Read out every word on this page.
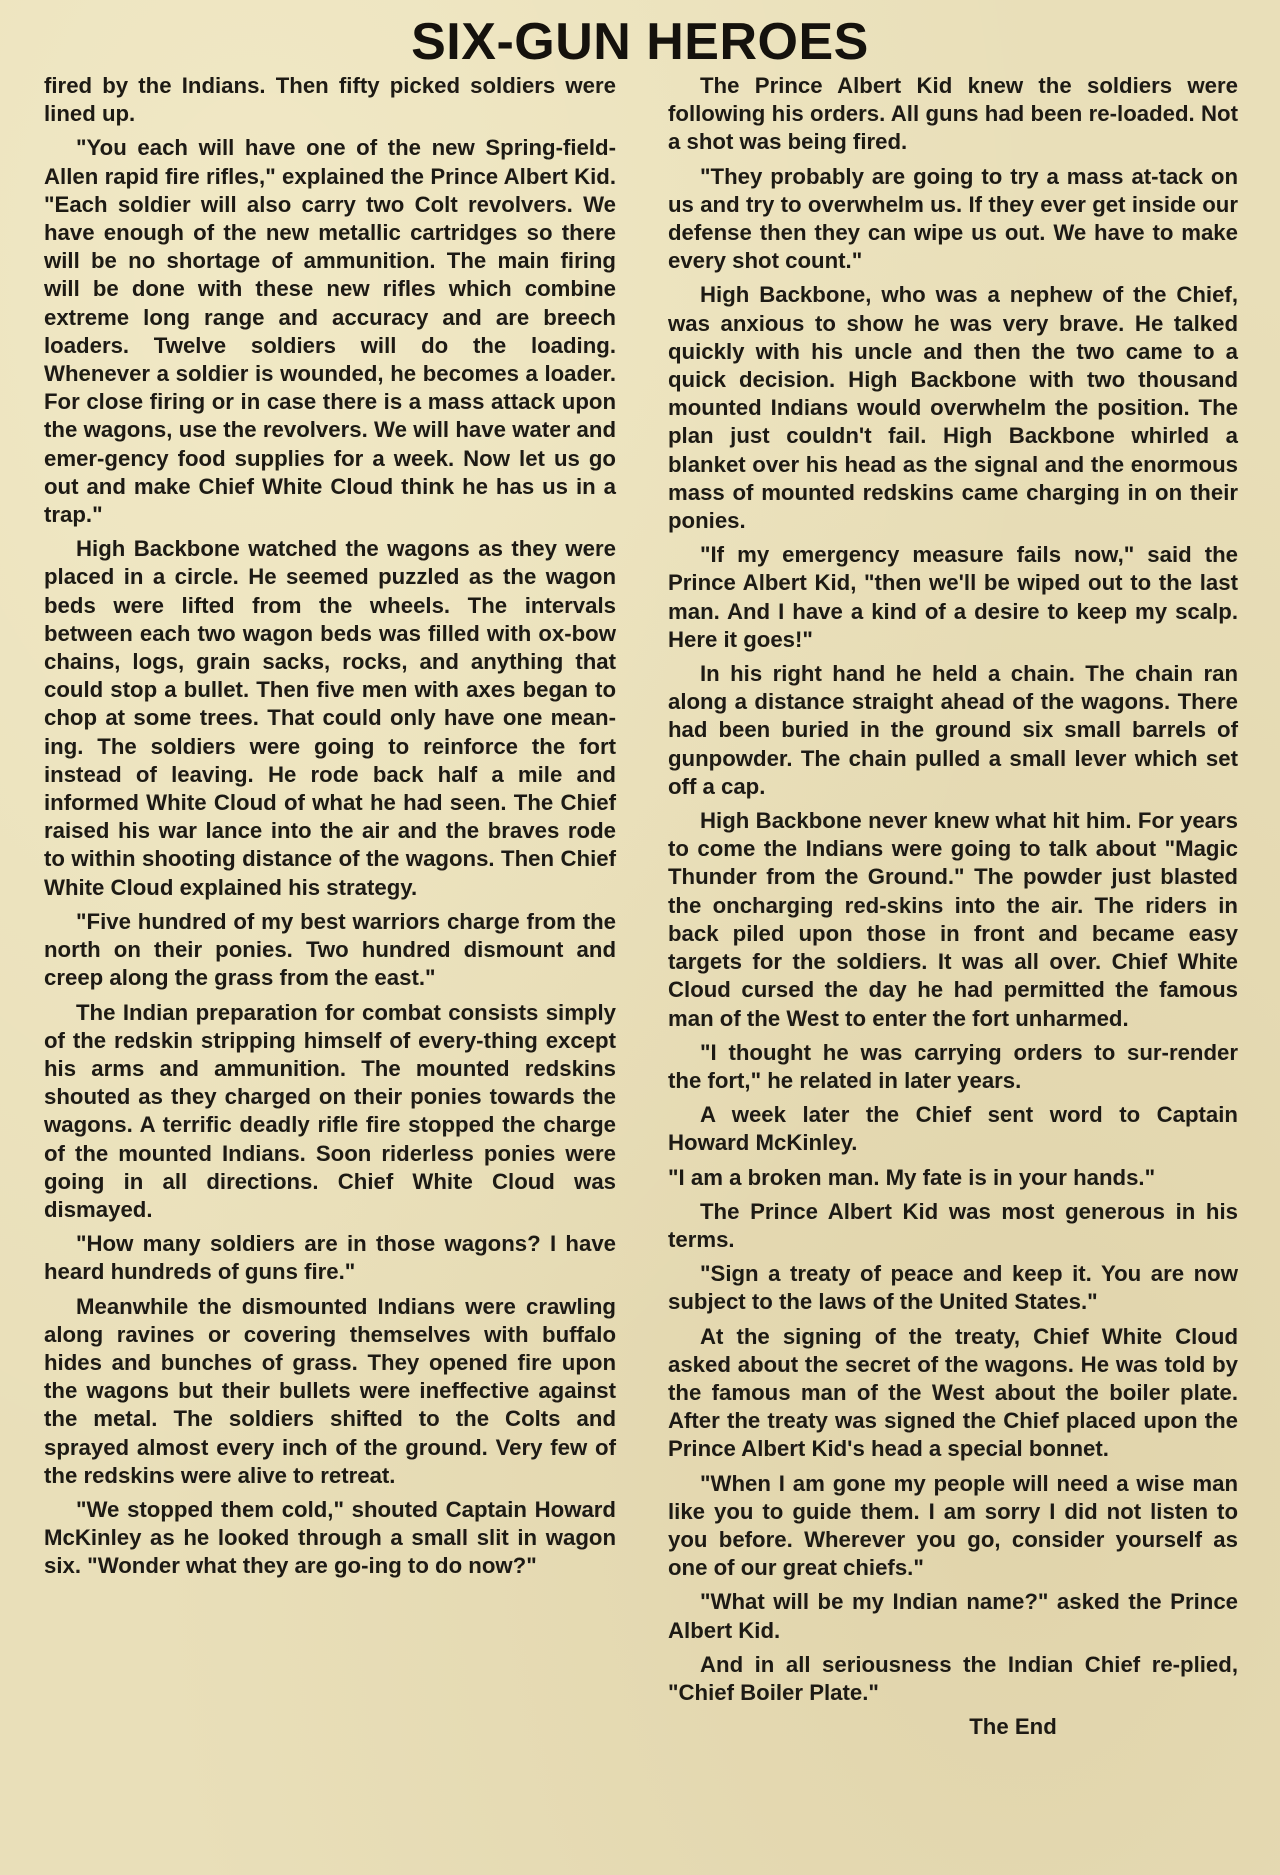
SIX-GUN HEROES

fired by the Indians. Then fifty picked soldiers were lined up.

"You each will have one of the new Spring-field-Allen rapid fire rifles," explained the Prince Albert Kid. "Each soldier will also carry two Colt revolvers. We have enough of the new metallic cartridges so there will be no shortage of ammunition. The main firing will be done with these new rifles which combine extreme long range and accuracy and are breech loaders. Twelve soldiers will do the loading. Whenever a soldier is wounded, he becomes a loader. For close firing or in case there is a mass attack upon the wagons, use the revolvers. We will have water and emer-gency food supplies for a week. Now let us go out and make Chief White Cloud think he has us in a trap."

High Backbone watched the wagons as they were placed in a circle. He seemed puzzled as the wagon beds were lifted from the wheels. The intervals between each two wagon beds was filled with ox-bow chains, logs, grain sacks, rocks, and anything that could stop a bullet. Then five men with axes began to chop at some trees. That could only have one mean-ing. The soldiers were going to reinforce the fort instead of leaving. He rode back half a mile and informed White Cloud of what he had seen. The Chief raised his war lance into the air and the braves rode to within shooting distance of the wagons. Then Chief White Cloud explained his strategy.

"Five hundred of my best warriors charge from the north on their ponies. Two hundred dismount and creep along the grass from the east."

The Indian preparation for combat consists simply of the redskin stripping himself of every-thing except his arms and ammunition. The mounted redskins shouted as they charged on their ponies towards the wagons. A terrific deadly rifle fire stopped the charge of the mounted Indians. Soon riderless ponies were going in all directions. Chief White Cloud was dismayed.

"How many soldiers are in those wagons? I have heard hundreds of guns fire."

Meanwhile the dismounted Indians were crawling along ravines or covering themselves with buffalo hides and bunches of grass. They opened fire upon the wagons but their bullets were ineffective against the metal. The soldiers shifted to the Colts and sprayed almost every inch of the ground. Very few of the redskins were alive to retreat.

"We stopped them cold," shouted Captain Howard McKinley as he looked through a small slit in wagon six. "Wonder what they are go-ing to do now?"

The Prince Albert Kid knew the soldiers were following his orders. All guns had been re-loaded. Not a shot was being fired.

"They probably are going to try a mass at-tack on us and try to overwhelm us. If they ever get inside our defense then they can wipe us out. We have to make every shot count."

High Backbone, who was a nephew of the Chief, was anxious to show he was very brave. He talked quickly with his uncle and then the two came to a quick decision. High Backbone with two thousand mounted Indians would overwhelm the position. The plan just couldn't fail. High Backbone whirled a blanket over his head as the signal and the enormous mass of mounted redskins came charging in on their ponies.

"If my emergency measure fails now," said the Prince Albert Kid, "then we'll be wiped out to the last man. And I have a kind of a desire to keep my scalp. Here it goes!"

In his right hand he held a chain. The chain ran along a distance straight ahead of the wagons. There had been buried in the ground six small barrels of gunpowder. The chain pulled a small lever which set off a cap.

High Backbone never knew what hit him. For years to come the Indians were going to talk about "Magic Thunder from the Ground." The powder just blasted the oncharging red-skins into the air. The riders in back piled upon those in front and became easy targets for the soldiers. It was all over. Chief White Cloud cursed the day he had permitted the famous man of the West to enter the fort unharmed.

"I thought he was carrying orders to sur-render the fort," he related in later years.

A week later the Chief sent word to Captain Howard McKinley.

"I am a broken man. My fate is in your hands."

The Prince Albert Kid was most generous in his terms.

"Sign a treaty of peace and keep it. You are now subject to the laws of the United States."

At the signing of the treaty, Chief White Cloud asked about the secret of the wagons. He was told by the famous man of the West about the boiler plate. After the treaty was signed the Chief placed upon the Prince Albert Kid's head a special bonnet.

"When I am gone my people will need a wise man like you to guide them. I am sorry I did not listen to you before. Wherever you go, consider yourself as one of our great chiefs."

"What will be my Indian name?" asked the Prince Albert Kid.

And in all seriousness the Indian Chief re-plied, "Chief Boiler Plate."

The End
